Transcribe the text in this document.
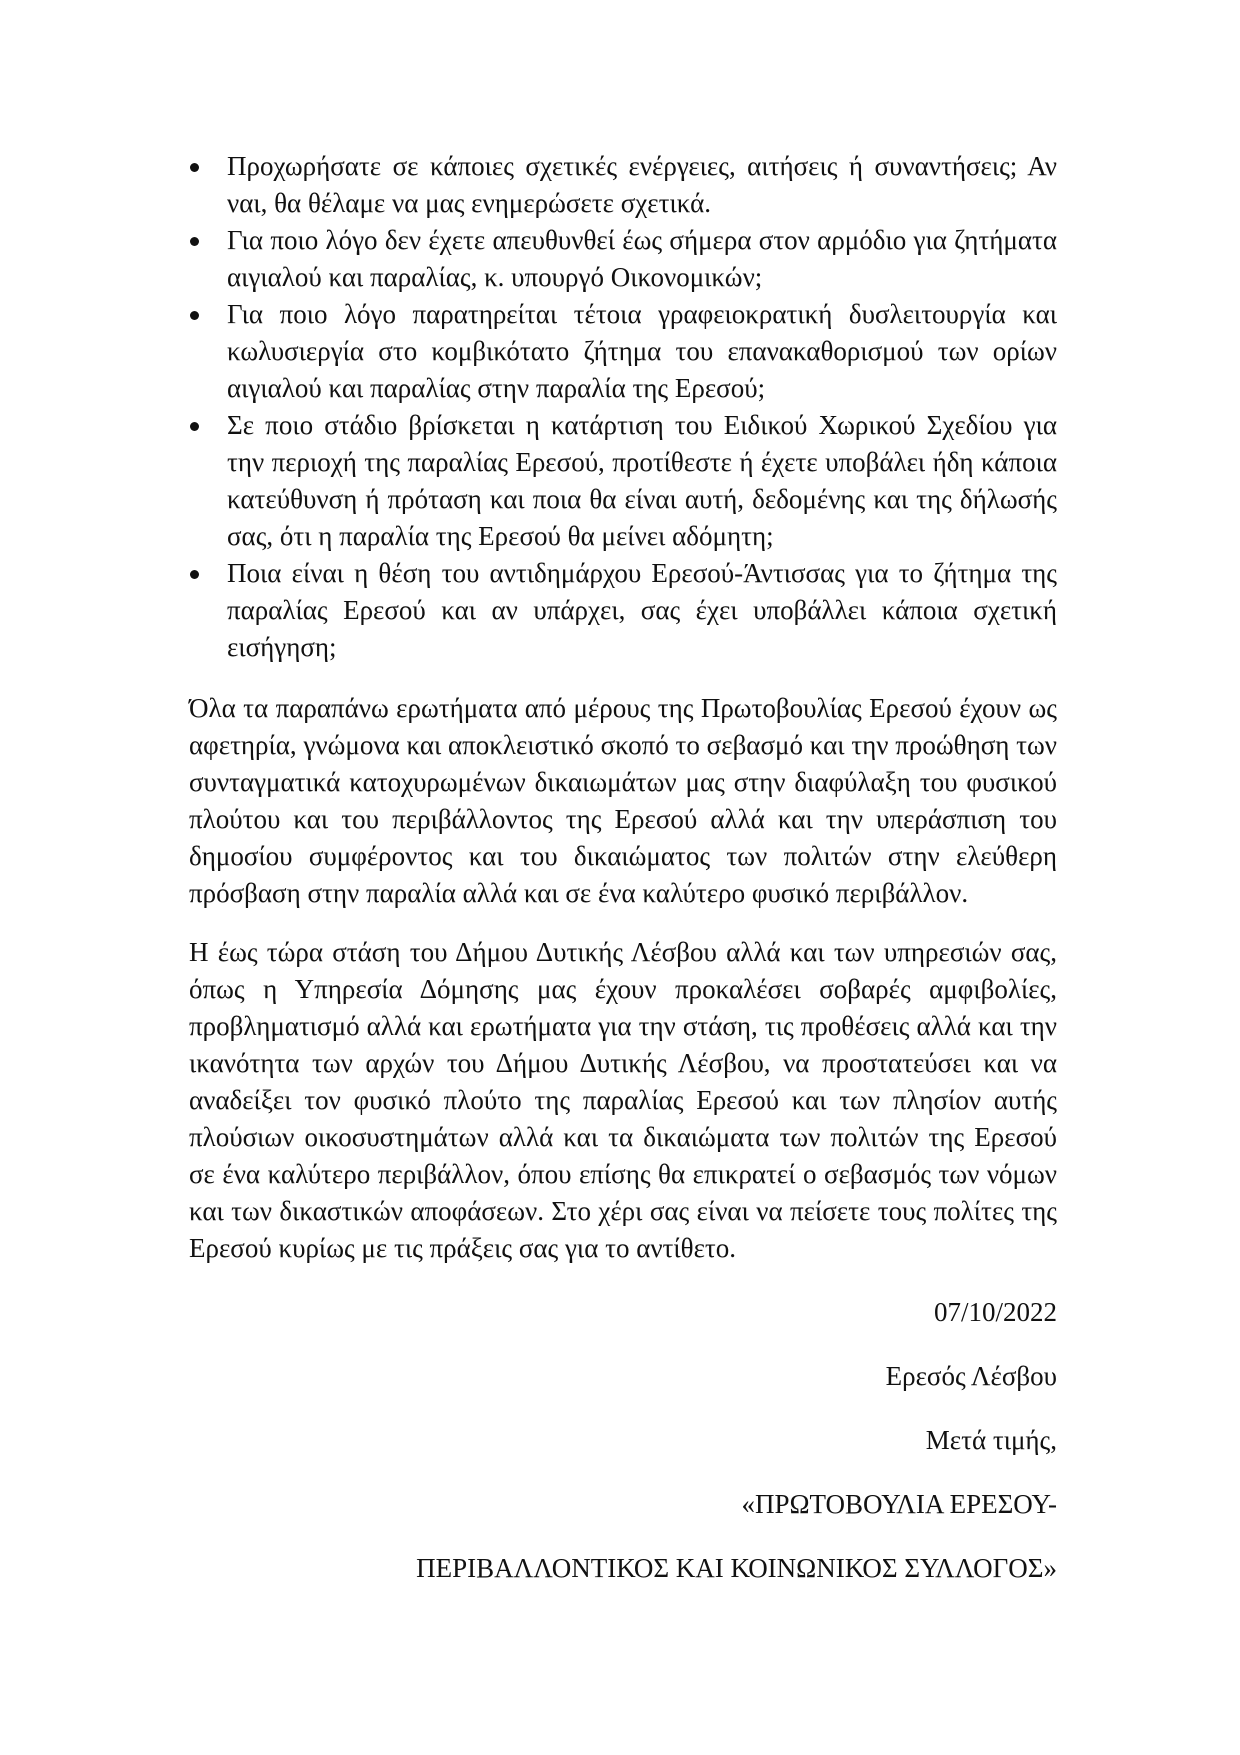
Προχωρήσατε σε κάποιες σχετικές ενέργειες, αιτήσεις ή συναντήσεις; Αν ναι, θα θέλαμε να μας ενημερώσετε σχετικά.
Για ποιο λόγο δεν έχετε απευθυνθεί έως σήμερα στον αρμόδιο για ζητήματα αιγιαλού και παραλίας, κ. υπουργό Οικονομικών;
Για ποιο λόγο παρατηρείται τέτοια γραφειοκρατική δυσλειτουργία και κωλυσιεργία στο κομβικότατο ζήτημα του επανακαθορισμού των ορίων αιγιαλού και παραλίας στην παραλία της Ερεσού;
Σε ποιο στάδιο βρίσκεται η κατάρτιση του Ειδικού Χωρικού Σχεδίου για την περιοχή της παραλίας Ερεσού, προτίθεστε ή έχετε υποβάλει ήδη κάποια κατεύθυνση ή πρόταση και ποια θα είναι αυτή, δεδομένης και της δήλωσής σας, ότι η παραλία της Ερεσού θα μείνει αδόμητη;
Ποια είναι η θέση του αντιδημάρχου Ερεσού-Άντισσας για το ζήτημα της παραλίας Ερεσού και αν υπάρχει, σας έχει υποβάλλει κάποια σχετική εισήγηση;

Όλα τα παραπάνω ερωτήματα από μέρους της Πρωτοβουλίας Ερεσού έχουν ως αφετηρία, γνώμονα και αποκλειστικό σκοπό το σεβασμό και την προώθηση των συνταγματικά κατοχυρωμένων δικαιωμάτων μας στην διαφύλαξη του φυσικού πλούτου και του περιβάλλοντος της Ερεσού αλλά και την υπεράσπιση του δημοσίου συμφέροντος και του δικαιώματος των πολιτών στην ελεύθερη πρόσβαση στην παραλία αλλά και σε ένα καλύτερο φυσικό περιβάλλον.

Η έως τώρα στάση του Δήμου Δυτικής Λέσβου αλλά και των υπηρεσιών σας, όπως η Υπηρεσία Δόμησης μας έχουν προκαλέσει σοβαρές αμφιβολίες, προβληματισμό αλλά και ερωτήματα για την στάση, τις προθέσεις αλλά και την ικανότητα των αρχών του Δήμου Δυτικής Λέσβου, να προστατεύσει και να αναδείξει τον φυσικό πλούτο της παραλίας Ερεσού και των πλησίον αυτής πλούσιων οικοσυστημάτων αλλά και τα δικαιώματα των πολιτών της Ερεσού σε ένα καλύτερο περιβάλλον, όπου επίσης θα επικρατεί ο σεβασμός των νόμων και των δικαστικών αποφάσεων. Στο χέρι σας είναι να πείσετε τους πολίτες της Ερεσού κυρίως με τις πράξεις σας για το αντίθετο.

07/10/2022
Ερεσός Λέσβου
Μετά τιμής,
«ΠΡΩΤΟΒΟΥΛΙΑ ΕΡΕΣΟΥ-
ΠΕΡΙΒΑΛΛΟΝΤΙΚΟΣ ΚΑΙ ΚΟΙΝΩΝΙΚΟΣ ΣΥΛΛΟΓΟΣ»
